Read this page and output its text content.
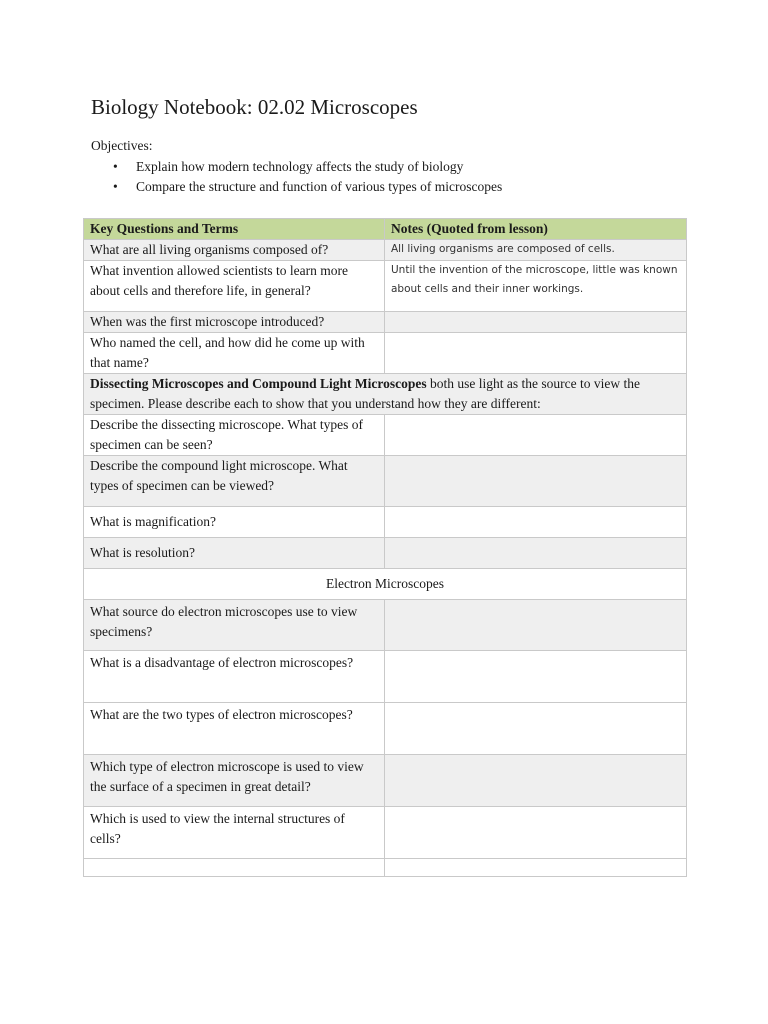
Biology Notebook: 02.02 Microscopes
Objectives:
• Explain how modern technology affects the study of biology
• Compare the structure and function of various types of microscopes
Key Questions and Terms	Notes (Quoted from lesson)
What are all living organisms composed of?	All living organisms are composed of cells.
What invention allowed scientists to learn more about cells and therefore life, in general?	Until the invention of the microscope, little was known about cells and their inner workings.
When was the first microscope introduced?	
Who named the cell, and how did he come up with that name?	
Dissecting Microscopes and Compound Light Microscopes both use light as the source to view the specimen. Please describe each to show that you understand how they are different:	
Describe the dissecting microscope. What types of specimen can be seen?	
Describe the compound light microscope. What types of specimen can be viewed?	
What is magnification?	
What is resolution?	
Electron Microscopes	
What source do electron microscopes use to view specimens?	
What is a disadvantage of electron microscopes?	
What are the two types of electron microscopes?	
Which type of electron microscope is used to view the surface of a specimen in great detail?	
Which is used to view the internal structures of cells?	
